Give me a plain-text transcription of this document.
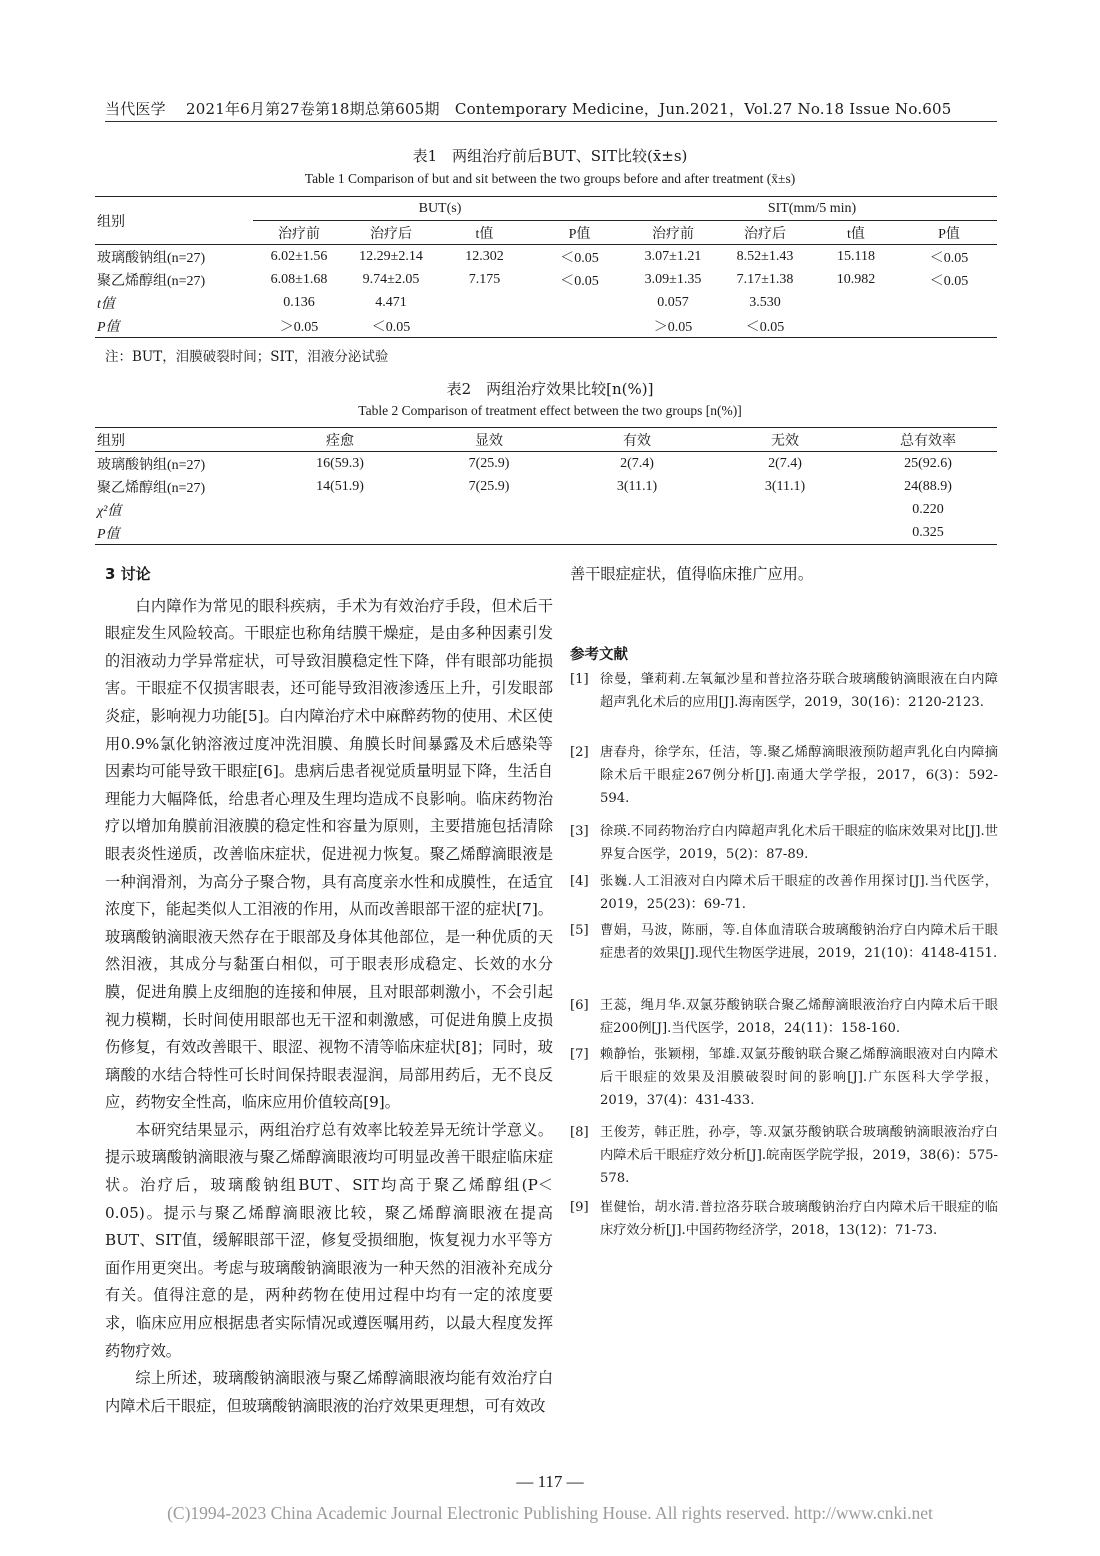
当代医学　 2021年6月第27卷第18期总第605期　Contemporary Medicine，Jun.2021，Vol.27 No.18 Issue No.605
表1　两组治疗前后BUT、SIT比较(x̄±s)
Table 1 Comparison of but and sit between the two groups before and after treatment (x̄±s)
组别	BUT(s)				SIT(mm/5 min)			
	治疗前	治疗后	t值	P值	治疗前	治疗后	t值	P值
玻璃酸钠组(n=27)	6.02±1.56	12.29±2.14	12.302	＜0.05	3.07±1.21	8.52±1.43	15.118	＜0.05
聚乙烯醇组(n=27)	6.08±1.68	9.74±2.05	7.175	＜0.05	3.09±1.35	7.17±1.38	10.982	＜0.05
t值	0.136	4.471			0.057	3.530		
P值	＞0.05	＜0.05			＞0.05	＜0.05		
注：BUT，泪膜破裂时间；SIT，泪液分泌试验
表2　两组治疗效果比较[n(%)]
Table 2 Comparison of treatment effect between the two groups [n(%)]
组别	痊愈	显效	有效	无效	总有效率
玻璃酸钠组(n=27)	16(59.3)	7(25.9)	2(7.4)	2(7.4)	25(92.6)
聚乙烯醇组(n=27)	14(51.9)	7(25.9)	3(11.1)	3(11.1)	24(88.9)
χ²值					0.220
P值					0.325
3 讨论

白内障作为常见的眼科疾病，手术为有效治疗手段，但术后干眼症发生风险较高。干眼症也称角结膜干燥症，是由多种因素引发的泪液动力学异常症状，可导致泪膜稳定性下降，伴有眼部功能损害。干眼症不仅损害眼表，还可能导致泪液渗透压上升，引发眼部炎症，影响视力功能[5]。白内障治疗术中麻醉药物的使用、术区使用0.9%氯化钠溶液过度冲洗泪膜、角膜长时间暴露及术后感染等因素均可能导致干眼症[6]。患病后患者视觉质量明显下降，生活自理能力大幅降低，给患者心理及生理均造成不良影响。临床药物治疗以增加角膜前泪液膜的稳定性和容量为原则，主要措施包括清除眼表炎性递质，改善临床症状，促进视力恢复。聚乙烯醇滴眼液是一种润滑剂，为高分子聚合物，具有高度亲水性和成膜性，在适宜浓度下，能起类似人工泪液的作用，从而改善眼部干涩的症状[7]。玻璃酸钠滴眼液天然存在于眼部及身体其他部位，是一种优质的天然泪液，其成分与黏蛋白相似，可于眼表形成稳定、长效的水分膜，促进角膜上皮细胞的连接和伸展，且对眼部刺激小，不会引起视力模糊，长时间使用眼部也无干涩和刺激感，可促进角膜上皮损伤修复，有效改善眼干、眼涩、视物不清等临床症状[8]；同时，玻璃酸的水结合特性可长时间保持眼表湿润，局部用药后，无不良反应，药物安全性高，临床应用价值较高[9]。

本研究结果显示，两组治疗总有效率比较差异无统计学意义。提示玻璃酸钠滴眼液与聚乙烯醇滴眼液均可明显改善干眼症临床症状。治疗后，玻璃酸钠组BUT、SIT均高于聚乙烯醇组(P＜0.05)。提示与聚乙烯醇滴眼液比较，聚乙烯醇滴眼液在提高BUT、SIT值，缓解眼部干涩，修复受损细胞，恢复视力水平等方面作用更突出。考虑与玻璃酸钠滴眼液为一种天然的泪液补充成分有关。值得注意的是，两种药物在使用过程中均有一定的浓度要求，临床应用应根据患者实际情况或遵医嘱用药，以最大程度发挥药物疗效。

综上所述，玻璃酸钠滴眼液与聚乙烯醇滴眼液均能有效治疗白内障术后干眼症，但玻璃酸钠滴眼液的治疗效果更理想，可有效改

参考文献
[1] 徐曼，肇莉莉.左氧氟沙星和普拉洛芬联合玻璃酸钠滴眼液在白内障超声乳化术后的应用[J].海南医学，2019，30(16)：2120-2123.
[2] 唐春舟，徐学东，任洁，等.聚乙烯醇滴眼液预防超声乳化白内障摘除术后干眼症267例分析[J].南通大学学报，2017，6(3)：592-594.
[3] 徐瑛.不同药物治疗白内障超声乳化术后干眼症的临床效果对比[J].世界复合医学，2019，5(2)：87-89.
[4] 张巍.人工泪液对白内障术后干眼症的改善作用探讨[J].当代医学，2019，25(23)：69-71.
[5] 曹娟，马波，陈丽，等.自体血清联合玻璃酸钠治疗白内障术后干眼症患者的效果[J].现代生物医学进展，2019，21(10)：4148-4151.
[6] 王蕊，绳月华.双氯芬酸钠联合聚乙烯醇滴眼液治疗白内障术后干眼症200例[J].当代医学，2018，24(11)：158-160.
[7] 赖静怡，张颖栩，邹雄.双氯芬酸钠联合聚乙烯醇滴眼液对白内障术后干眼症的效果及泪膜破裂时间的影响[J].广东医科大学学报，2019，37(4)：431-433.
[8] 王俊芳，韩正胜，孙亭，等.双氯芬酸钠联合玻璃酸钠滴眼液治疗白内障术后干眼症疗效分析[J].皖南医学院学报，2019，38(6)：575-578.
[9] 崔健怡，胡水清.普拉洛芬联合玻璃酸钠治疗白内障术后干眼症的临床疗效分析[J].中国药物经济学，2018，13(12)：71-73.
— 117 —
(C)1994-2023 China Academic Journal Electronic Publishing House. All rights reserved. http://www.cnki.net

善干眼症症状，值得临床推广应用。
